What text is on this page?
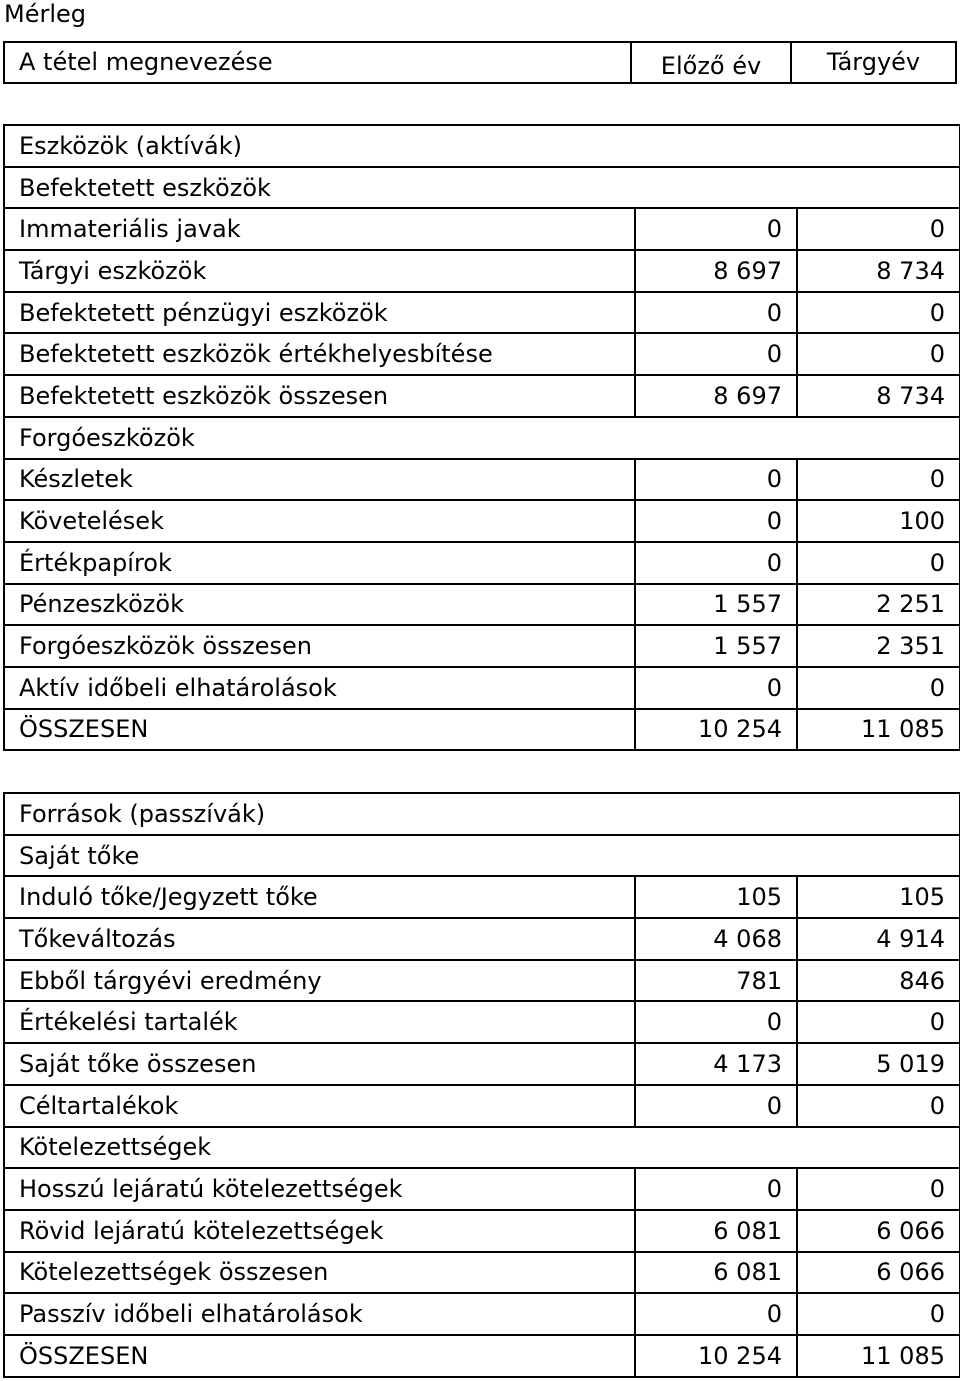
Mérleg
A tétel megnevezése	Előző év	Tárgyév
Eszközök (aktívák)
Befektetett eszközök
Immateriális javak	0	0
Tárgyi eszközök	8 697	8 734
Befektetett pénzügyi eszközök	0	0
Befektetett eszközök értékhelyesbítése	0	0
Befektetett eszközök összesen	8 697	8 734
Forgóeszközök
Készletek	0	0
Követelések	0	100
Értékpapírok	0	0
Pénzeszközök	1 557	2 251
Forgóeszközök összesen	1 557	2 351
Aktív időbeli elhatárolások	0	0
ÖSSZESEN	10 254	11 085
Források (passzívák)
Saját tőke
Induló tőke/Jegyzett tőke	105	105
Tőkeváltozás	4 068	4 914
Ebből tárgyévi eredmény	781	846
Értékelési tartalék	0	0
Saját tőke összesen	4 173	5 019
Céltartalékok	0	0
Kötelezettségek
Hosszú lejáratú kötelezettségek	0	0
Rövid lejáratú kötelezettségek	6 081	6 066
Kötelezettségek összesen	6 081	6 066
Passzív időbeli elhatárolások	0	0
ÖSSZESEN	10 254	11 085
